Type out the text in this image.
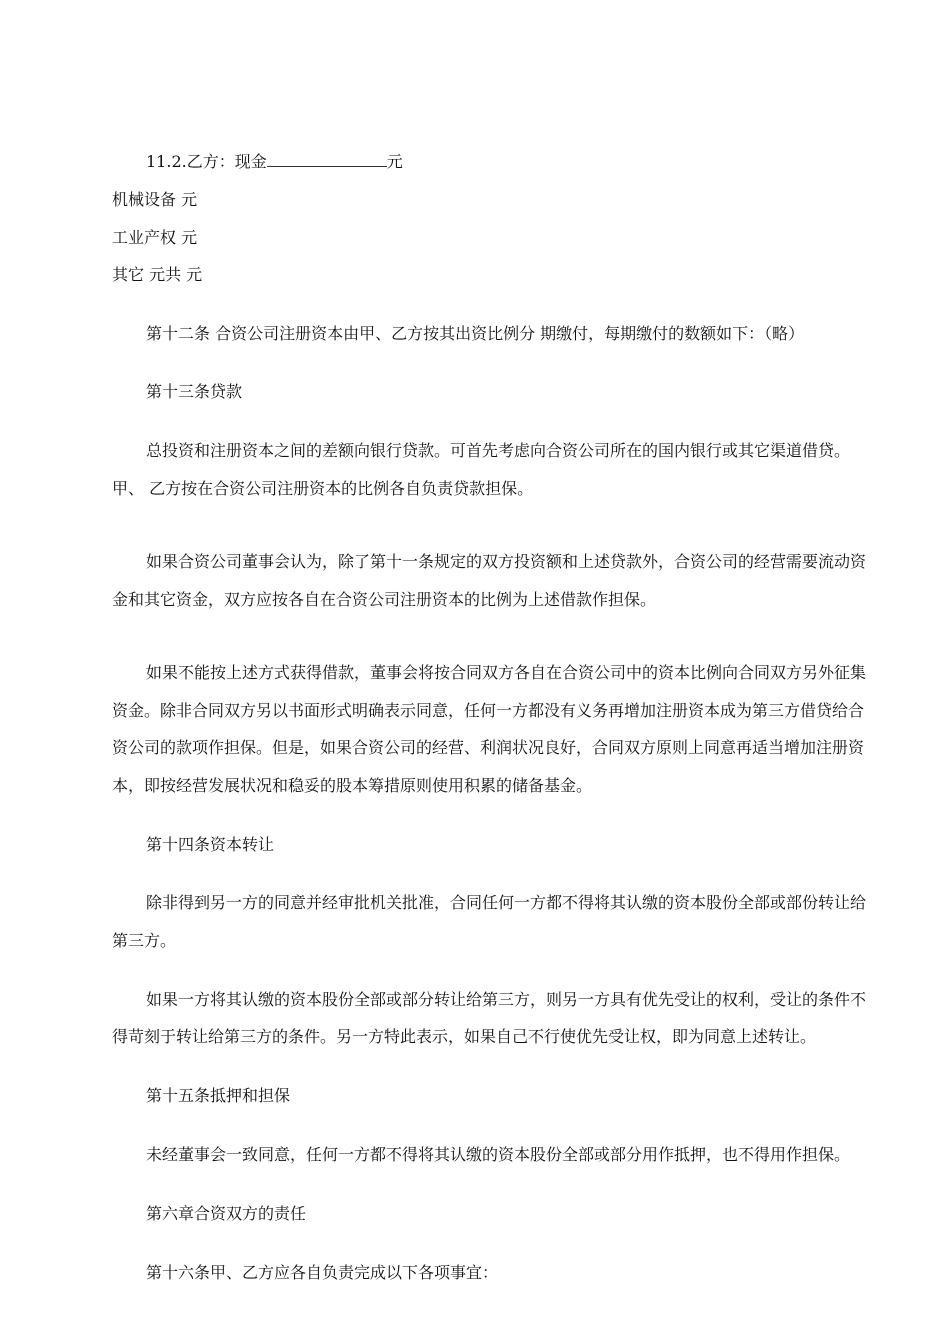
11.2.乙方：现金	元
机械设备 元
工业产权 元
其它 元共 元
第十二条 合资公司注册资本由甲、乙方按其出资比例分 期缴付，每期缴付的数额如下：（略）
第十三条贷款
总投资和注册资本之间的差额向银行贷款。可首先考虑向合资公司所在的国内银行或其它渠道借贷。
甲、 乙方按在合资公司注册资本的比例各自负责贷款担保。
如果合资公司董事会认为，除了第十一条规定的双方投资额和上述贷款外，合资公司的经营需要流动资
金和其它资金，双方应按各自在合资公司注册资本的比例为上述借款作担保。
如果不能按上述方式获得借款，董事会将按合同双方各自在合资公司中的资本比例向合同双方另外征集
资金。除非合同双方另以书面形式明确表示同意，任何一方都没有义务再增加注册资本成为第三方借贷给合
资公司的款项作担保。但是，如果合资公司的经营、利润状况良好，合同双方原则上同意再适当增加注册资
本，即按经营发展状况和稳妥的股本筹措原则使用积累的储备基金。
第十四条资本转让
除非得到另一方的同意并经审批机关批准，合同任何一方都不得将其认缴的资本股份全部或部份转让给
第三方。
如果一方将其认缴的资本股份全部或部分转让给第三方，则另一方具有优先受让的权利，受让的条件不
得苛刻于转让给第三方的条件。另一方特此表示，如果自己不行使优先受让权，即为同意上述转让。
第十五条抵押和担保
未经董事会一致同意，任何一方都不得将其认缴的资本股份全部或部分用作抵押，也不得用作担保。
第六章合资双方的责任
第十六条甲、乙方应各自负责完成以下各项事宜：
